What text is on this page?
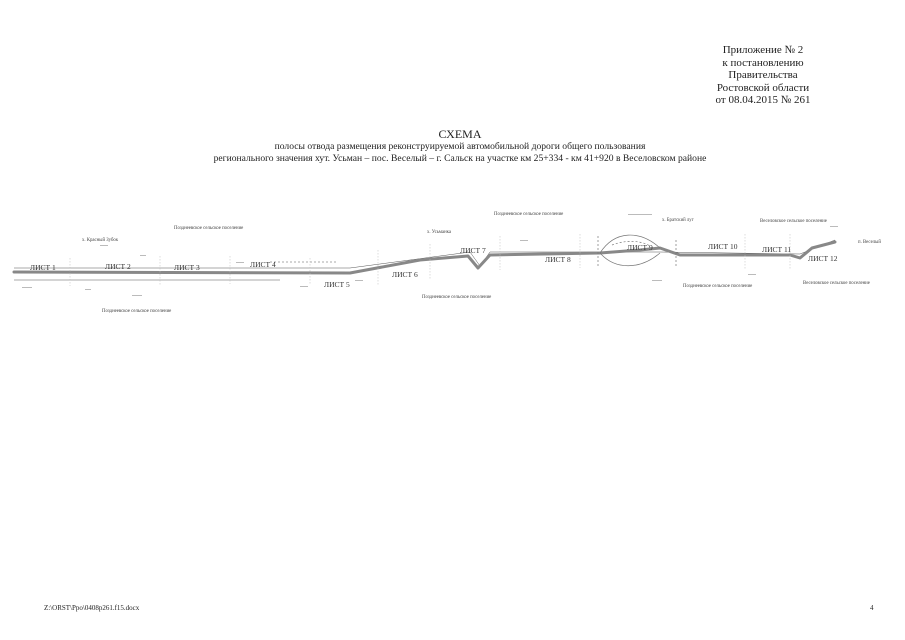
Приложение № 2
к постановлению
Правительства
Ростовской области
от 08.04.2015 № 261
СХЕМА
полосы отвода размещения реконструируемой автомобильной дороги общего пользования
регионального значения хут. Усьман – пос. Веселый – г. Сальск на участке км 25+334 - км 41+920 в Веселовском районе
ЛИСТ 1	ЛИСТ 2	ЛИСТ 3	ЛИСТ 4
ЛИСТ 5
ЛИСТ 6
ЛИСТ 7
ЛИСТ 8
ЛИСТ 9	ЛИСТ 10	ЛИСТ 11
ЛИСТ 12
Позднеевское сельское поселение
Позднеевское сельское поселение
Позднеевское сельское поселение
Позднеевское сельское поселение
Позднеевское сельское поселение
Веселовское сельское поселение
Веселовское сельское поселение
х. Красный Зубок
х. Усьманка
х. Братский луг
п. Веселый
Z:\ORST\Ppo\0408p261.f15.docx	4
